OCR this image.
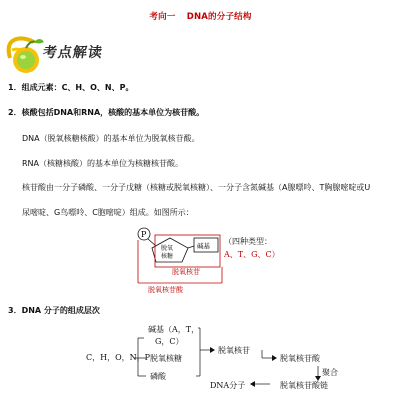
考向一 DNA的分子结构
考点解读
1．组成元素：C、H、O、N、P。
2．核酸包括DNA和RNA，核酸的基本单位为核苷酸。
DNA（脱氧核糖核酸）的基本单位为脱氧核苷酸。
RNA（核糖核酸）的基本单位为核糖核苷酸。
核苷酸由一分子磷酸、一分子戊糖（核糖或脱氧核糖）、一分子含氮碱基（A腺嘌呤、T胸腺嘧啶或U
尿嘧啶、G鸟嘌呤、C胞嘧啶）组成。如图所示：
P
脱氧
核糖
碱基
脱氧核苷
脱氧核苷酸
（四种类型：
A、T、G、C）
3．DNA 分子的组成层次
C，H，O，N，P
碱基（A，T，
G，C）
脱氧核糖
磷酸
脱氧核苷
脱氧核苷酸
聚合
DNA分子	脱氧核苷酸链
